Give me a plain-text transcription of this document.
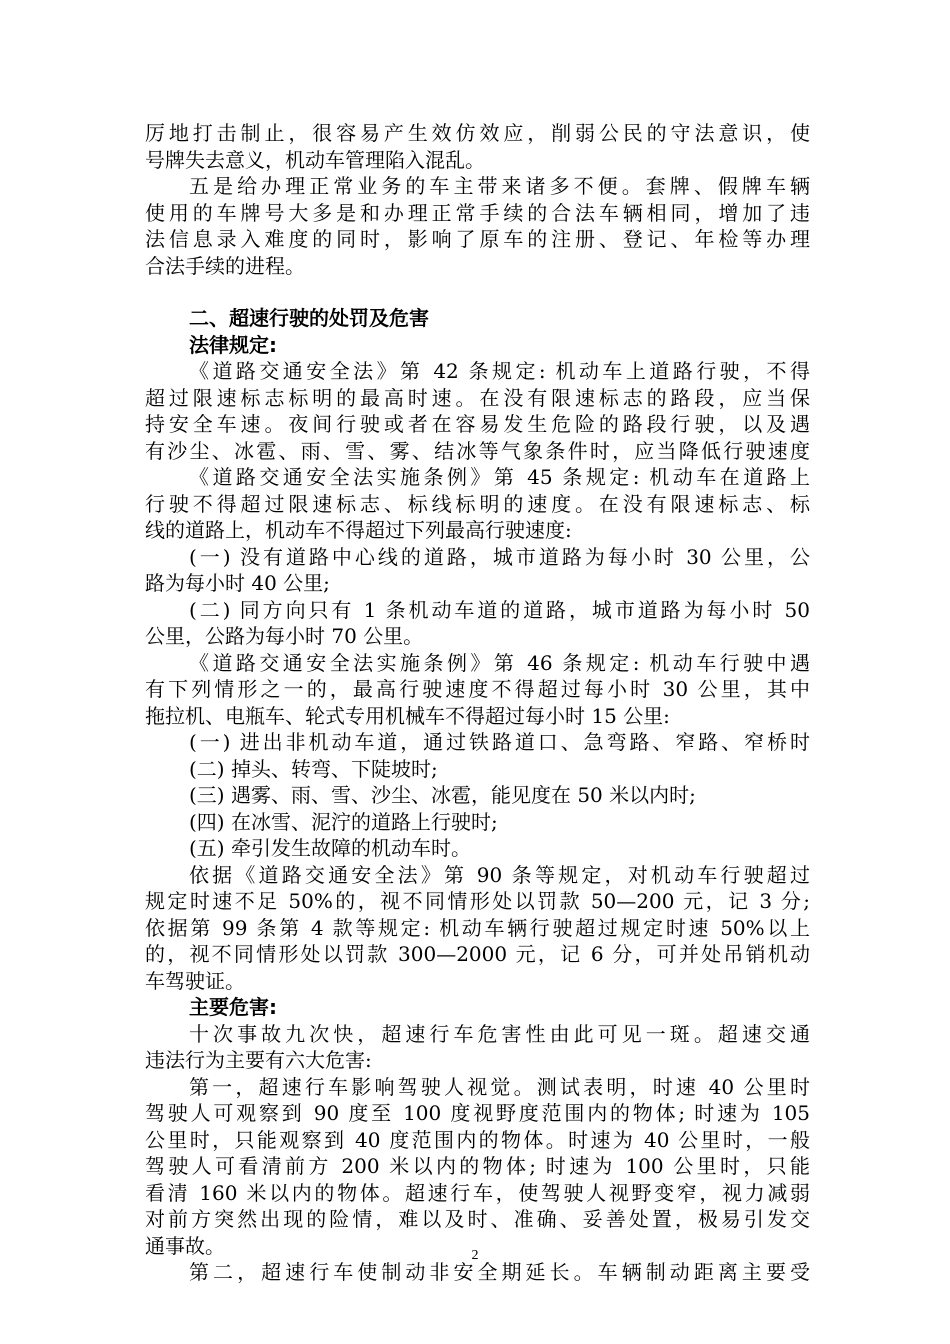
厉地打击制止，很容易产生效仿效应，削弱公民的守法意识，使
号牌失去意义，机动车管理陷入混乱。
五是给办理正常业务的车主带来诸多不便。套牌、假牌车辆
使用的车牌号大多是和办理正常手续的合法车辆相同，增加了违
法信息录入难度的同时，影响了原车的注册、登记、年检等办理
合法手续的进程。
二、超速行驶的处罚及危害
法律规定:
《道路交通安全法》第 42 条规定: 机动车上道路行驶，不得
超过限速标志标明的最高时速。在没有限速标志的路段，应当保
持安全车速。夜间行驶或者在容易发生危险的路段行驶，以及遇
有沙尘、冰雹、雨、雪、雾、结冰等气象条件时，应当降低行驶速度
《道路交通安全法实施条例》第 45 条规定: 机动车在道路上
行驶不得超过限速标志、标线标明的速度。在没有限速标志、标
线的道路上，机动车不得超过下列最高行驶速度:
(一) 没有道路中心线的道路，城市道路为每小时 30 公里，公
路为每小时 40 公里;
(二) 同方向只有 1 条机动车道的道路，城市道路为每小时 50
公里，公路为每小时 70 公里。
《道路交通安全法实施条例》第 46 条规定: 机动车行驶中遇
有下列情形之一的，最高行驶速度不得超过每小时 30 公里，其中
拖拉机、电瓶车、轮式专用机械车不得超过每小时 15 公里:
(一) 进出非机动车道，通过铁路道口、急弯路、窄路、窄桥时
(二) 掉头、转弯、下陡坡时;
(三) 遇雾、雨、雪、沙尘、冰雹，能见度在 50 米以内时;
(四) 在冰雪、泥泞的道路上行驶时;
(五) 牵引发生故障的机动车时。
依据《道路交通安全法》第 90 条等规定，对机动车行驶超过
规定时速不足 50%的，视不同情形处以罚款 50—200 元，记 3 分;
依据第 99 条第 4 款等规定: 机动车辆行驶超过规定时速 50%以上
的，视不同情形处以罚款 300—2000 元，记 6 分，可并处吊销机动
车驾驶证。
主要危害:
十次事故九次快，超速行车危害性由此可见一斑。超速交通
违法行为主要有六大危害:
第一，超速行车影响驾驶人视觉。测试表明，时速 40 公里时
驾驶人可观察到 90 度至 100 度视野度范围内的物体; 时速为 105
公里时，只能观察到 40 度范围内的物体。时速为 40 公里时，一般
驾驶人可看清前方 200 米以内的物体; 时速为 100 公里时，只能
看清 160 米以内的物体。超速行车，使驾驶人视野变窄，视力减弱
对前方突然出现的险情，难以及时、准确、妥善处置，极易引发交
通事故。
第二，超速行车使制动非安全期延长。车辆制动距离主要受
2
